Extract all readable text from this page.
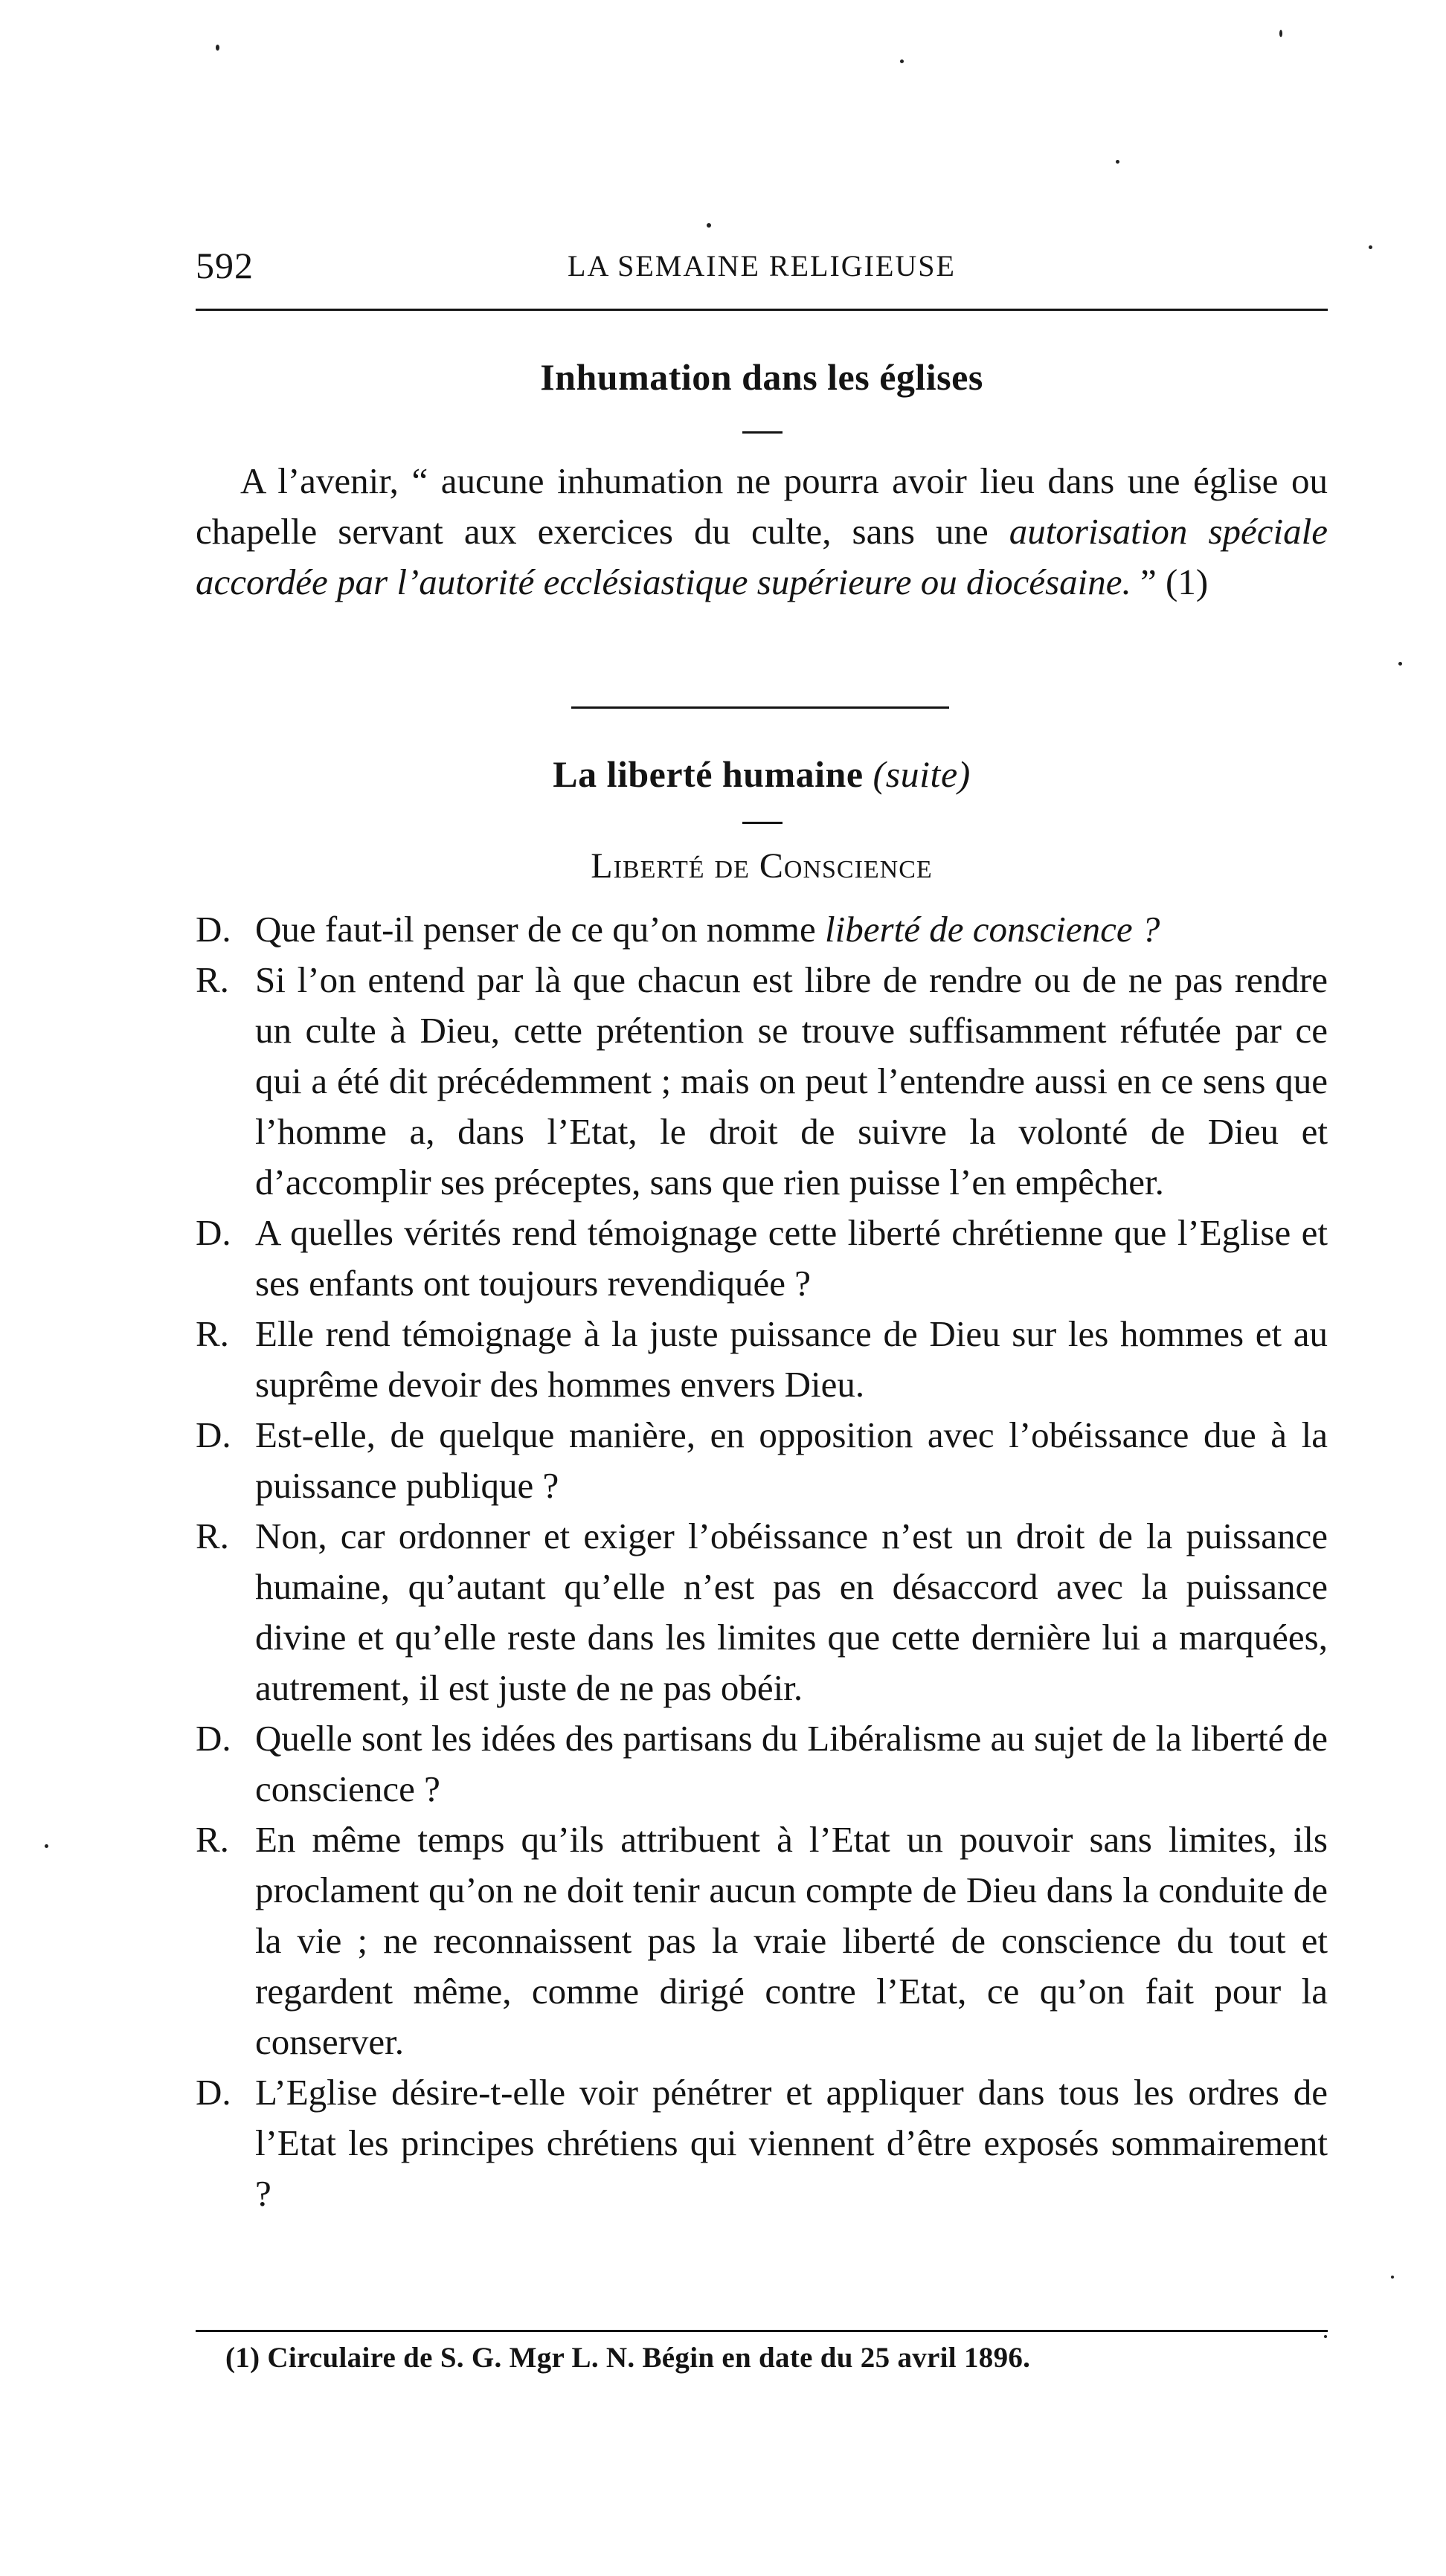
592	LA SEMAINE RELIGIEUSE
Inhumation dans les églises
A l’avenir, “ aucune inhumation ne pourra avoir lieu dans une église ou chapelle servant aux exercices du culte, sans une autorisation spéciale accordée par l’autorité ecclésiastique supérieure ou diocésaine. ” (1)
La liberté humaine (suite)
Liberté de Conscience
D. Que faut-il penser de ce qu’on nomme liberté de conscience ?
R. Si l’on entend par là que chacun est libre de rendre ou de ne pas rendre un culte à Dieu, cette prétention se trouve suffisamment réfutée par ce qui a été dit précédemment ; mais on peut l’entendre aussi en ce sens que l’homme a, dans l’Etat, le droit de suivre la volonté de Dieu et d’accomplir ses préceptes, sans que rien puisse l’en empêcher.
D. A quelles vérités rend témoignage cette liberté chrétienne que l’Eglise et ses enfants ont toujours revendiquée ?
R. Elle rend témoignage à la juste puissance de Dieu sur les hommes et au suprême devoir des hommes envers Dieu.
D. Est-elle, de quelque manière, en opposition avec l’obéissance due à la puissance publique ?
R. Non, car ordonner et exiger l’obéissance n’est un droit de la puissance humaine, qu’autant qu’elle n’est pas en désaccord avec la puissance divine et qu’elle reste dans les limites que cette dernière lui a marquées, autrement, il est juste de ne pas obéir.
D. Quelle sont les idées des partisans du Libéralisme au sujet de la liberté de conscience ?
R. En même temps qu’ils attribuent à l’Etat un pouvoir sans limites, ils proclament qu’on ne doit tenir aucun compte de Dieu dans la conduite de la vie ; ne reconnaissent pas la vraie liberté de conscience du tout et regardent même, comme dirigé contre l’Etat, ce qu’on fait pour la conserver.
D. L’Eglise désire-t-elle voir pénétrer et appliquer dans tous les ordres de l’Etat les principes chrétiens qui viennent d’être exposés sommairement ?
(1) Circulaire de S. G. Mgr L. N. Bégin en date du 25 avril 1896.
